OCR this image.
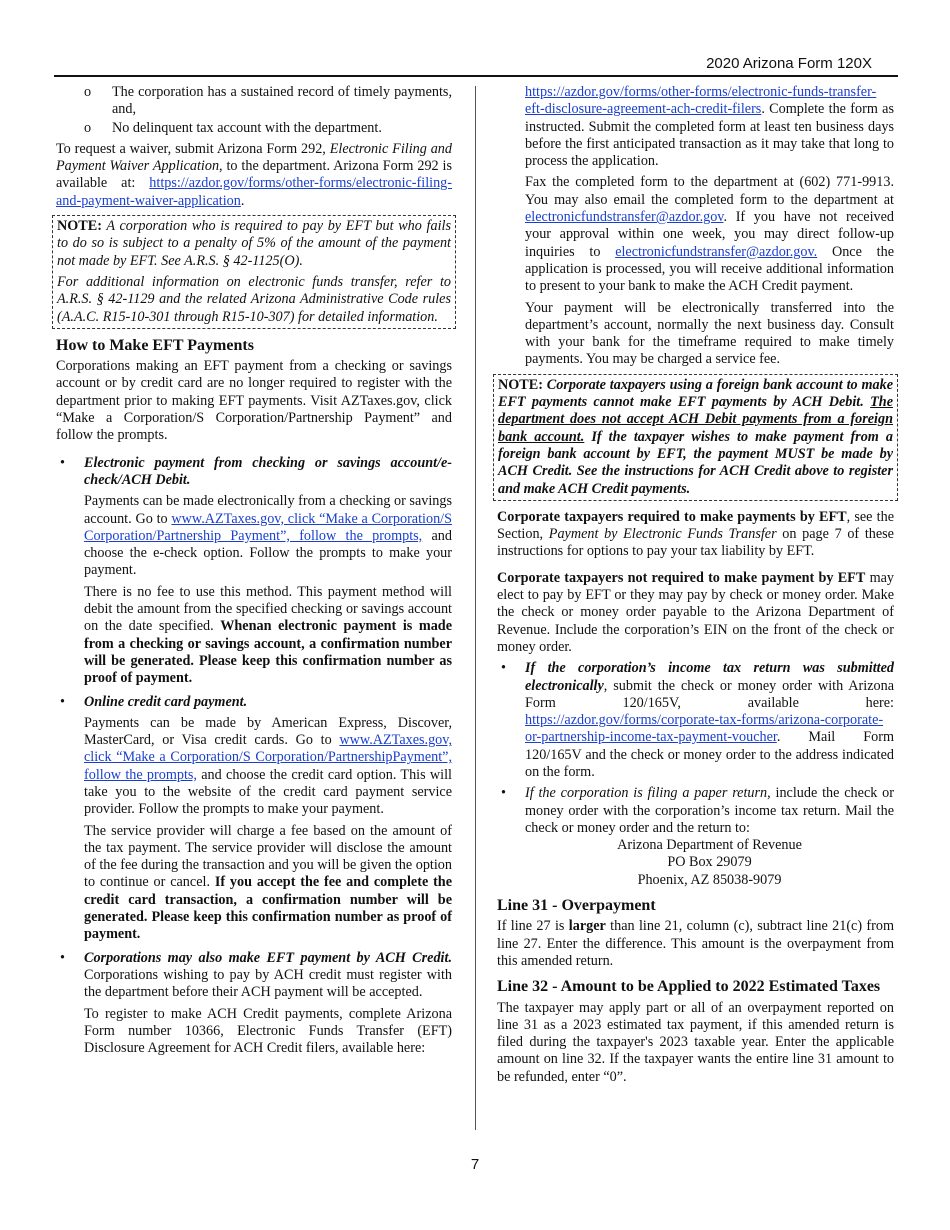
2020 Arizona Form 120X
o The corporation has a sustained record of timely payments, and,
o No delinquent tax account with the department.

To request a waiver, submit Arizona Form 292, Electronic Filing and Payment Waiver Application, to the department. Arizona Form 292 is available at: https://azdor.gov/forms/other-forms/electronic-filing-and-payment-waiver-application.

NOTE: A corporation who is required to pay by EFT but who fails to do so is subject to a penalty of 5% of the amount of the payment not made by EFT. See A.R.S. § 42-1125(O).

For additional information on electronic funds transfer, refer to A.R.S. § 42-1129 and the related Arizona Administrative Code rules (A.A.C. R15-10-301 through R15-10-307) for detailed information.

How to Make EFT Payments

Corporations making an EFT payment from a checking or savings account or by credit card are no longer required to register with the department prior to making EFT payments. Visit AZTaxes.gov, click “Make a Corporation/S Corporation/Partnership Payment” and follow the prompts.

• Electronic payment from checking or savings account/e-check/ACH Debit.

Payments can be made electronically from a checking or savings account. Go to www.AZTaxes.gov, click “Make a Corporation/S Corporation/Partnership Payment”, follow the prompts, and choose the e-check option. Follow the prompts to make your payment.

There is no fee to use this method. This payment method will debit the amount from the specified checking or savings account on the date specified. Whenan electronic payment is made from a checking or savings account, a confirmation number will be generated. Please keep this confirmation number as proof of payment.

• Online credit card payment.

Payments can be made by American Express, Discover, MasterCard, or Visa credit cards. Go to www.AZTaxes.gov, click “Make a Corporation/S Corporation/PartnershipPayment”, follow the prompts, and choose the credit card option. This will take you to the website of the credit card payment service provider. Follow the prompts to make your payment.

The service provider will charge a fee based on the amount of the tax payment. The service provider will disclose the amount of the fee during the transaction and you will be given the option to continue or cancel. If you accept the fee and complete the credit card transaction, a confirmation number will be generated. Please keep this confirmation number as proof of payment.

• Corporations may also make EFT payment by ACH Credit. Corporations wishing to pay by ACH credit must register with the department before their ACH payment will be accepted.

To register to make ACH Credit payments, complete Arizona Form number 10366, Electronic Funds Transfer (EFT) Disclosure Agreement for ACH Credit filers, available here:

https://azdor.gov/forms/other-forms/electronic-funds-transfer-eft-disclosure-agreement-ach-credit-filers. Complete the form as instructed. Submit the completed form at least ten business days before the first anticipated transaction as it may take that long to process the application.

Fax the completed form to the department at (602) 771-9913. You may also email the completed form to the department at electronicfundstransfer@azdor.gov. If you have not received your approval within one week, you may direct follow-up inquiries to electronicfundstransfer@azdor.gov. Once the application is processed, you will receive additional information to present to your bank to make the ACH Credit payment.

Your payment will be electronically transferred into the department’s account, normally the next business day. Consult with your bank for the timeframe required to make timely payments. You may be charged a service fee.

NOTE: Corporate taxpayers using a foreign bank account to make EFT payments cannot make EFT payments by ACH Debit. The department does not accept ACH Debit payments from a foreign bank account. If the taxpayer wishes to make payment from a foreign bank account by EFT, the payment MUST be made by ACH Credit. See the instructions for ACH Credit above to register and make ACH Credit payments.

Corporate taxpayers required to make payments by EFT, see the Section, Payment by Electronic Funds Transfer on page 7 of these instructions for options to pay your tax liability by EFT.

Corporate taxpayers not required to make payment by EFT may elect to pay by EFT or they may pay by check or money order. Make the check or money order payable to the Arizona Department of Revenue. Include the corporation’s EIN on the front of the check or money order.

• If the corporation’s income tax return was submitted electronically, submit the check or money order with Arizona Form 120/165V, available here: https://azdor.gov/forms/corporate-tax-forms/arizona-corporate-or-partnership-income-tax-payment-voucher. Mail Form 120/165V and the check or money order to the address indicated on the form.

• If the corporation is filing a paper return, include the check or money order with the corporation’s income tax return. Mail the check or money order and the return to:

Arizona Department of Revenue
PO Box 29079
Phoenix, AZ 85038-9079
Line 31 - Overpayment

If line 27 is larger than line 21, column (c), subtract line 21(c) from line 27. Enter the difference. This amount is the overpayment from this amended return.

Line 32 - Amount to be Applied to 2022 Estimated Taxes

The taxpayer may apply part or all of an overpayment reported on line 31 as a 2023 estimated tax payment, if this amended return is filed during the taxpayer's 2023 taxable year. Enter the applicable amount on line 32. If the taxpayer wants the entire line 31 amount to be refunded, enter “0”.

7
